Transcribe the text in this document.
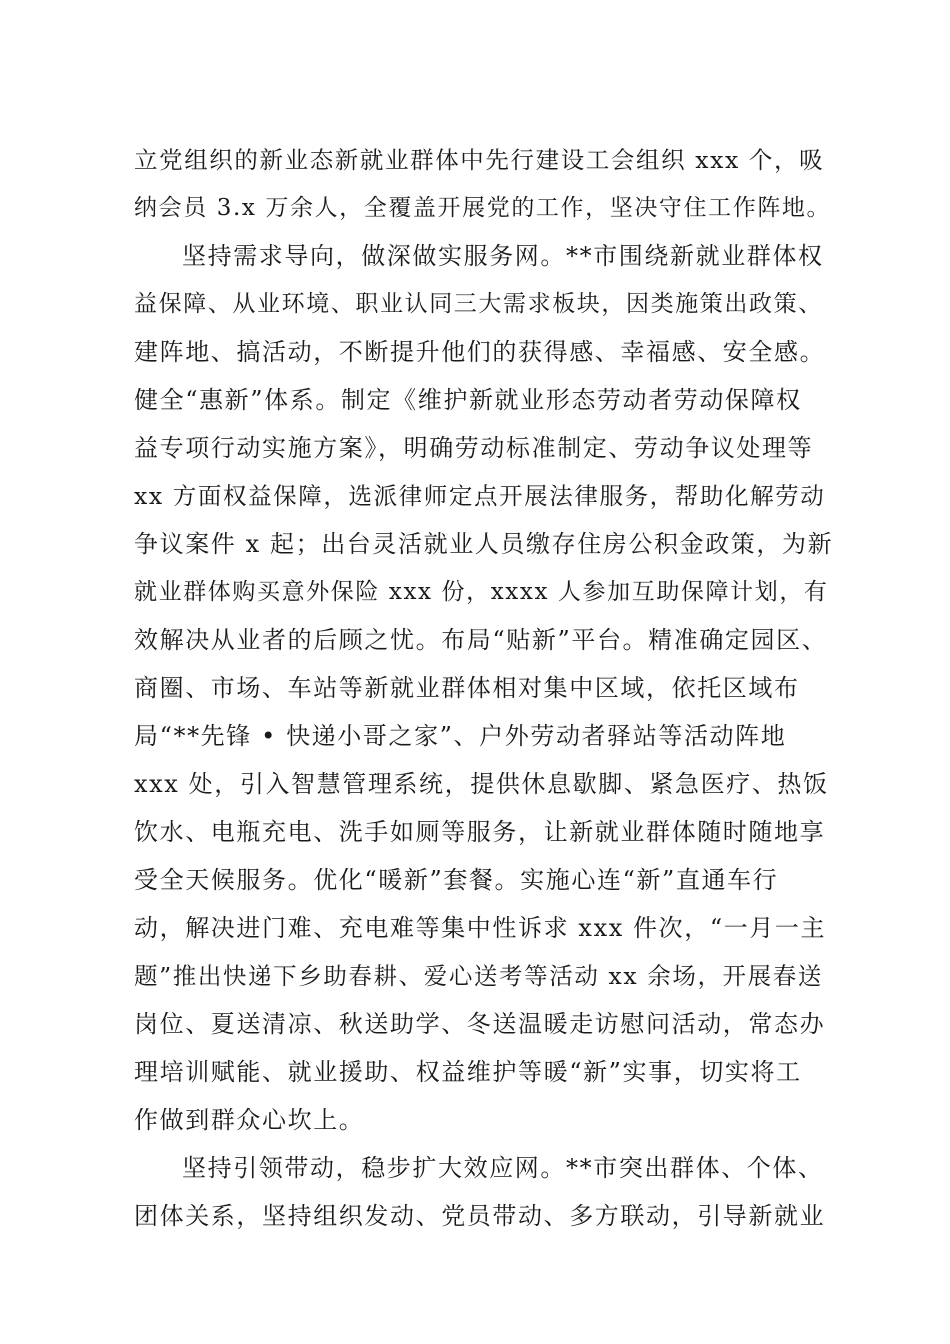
立党组织的新业态新就业群体中先行建设工会组织 xxx 个，吸
纳会员 3.x 万余人，全覆盖开展党的工作，坚决守住工作阵地。
坚持需求导向，做深做实服务网。**市围绕新就业群体权
益保障、从业环境、职业认同三大需求板块，因类施策出政策、
建阵地、搞活动，不断提升他们的获得感、幸福感、安全感。
健全“惠新”体系。制定《维护新就业形态劳动者劳动保障权
益专项行动实施方案》，明确劳动标准制定、劳动争议处理等
xx 方面权益保障，选派律师定点开展法律服务，帮助化解劳动
争议案件 x 起；出台灵活就业人员缴存住房公积金政策，为新
就业群体购买意外保险 xxx 份，xxxx 人参加互助保障计划，有
效解决从业者的后顾之忧。布局“贴新”平台。精准确定园区、
商圈、市场、车站等新就业群体相对集中区域，依托区域布
局“**先锋 • 快递小哥之家”、户外劳动者驿站等活动阵地
xxx 处，引入智慧管理系统，提供休息歇脚、紧急医疗、热饭
饮水、电瓶充电、洗手如厕等服务，让新就业群体随时随地享
受全天候服务。优化“暖新”套餐。实施心连“新”直通车行
动，解决进门难、充电难等集中性诉求 xxx 件次，“一月一主
题”推出快递下乡助春耕、爱心送考等活动 xx 余场，开展春送
岗位、夏送清凉、秋送助学、冬送温暖走访慰问活动，常态办
理培训赋能、就业援助、权益维护等暖“新”实事，切实将工
作做到群众心坎上。
坚持引领带动，稳步扩大效应网。**市突出群体、个体、
团体关系，坚持组织发动、党员带动、多方联动，引导新就业
